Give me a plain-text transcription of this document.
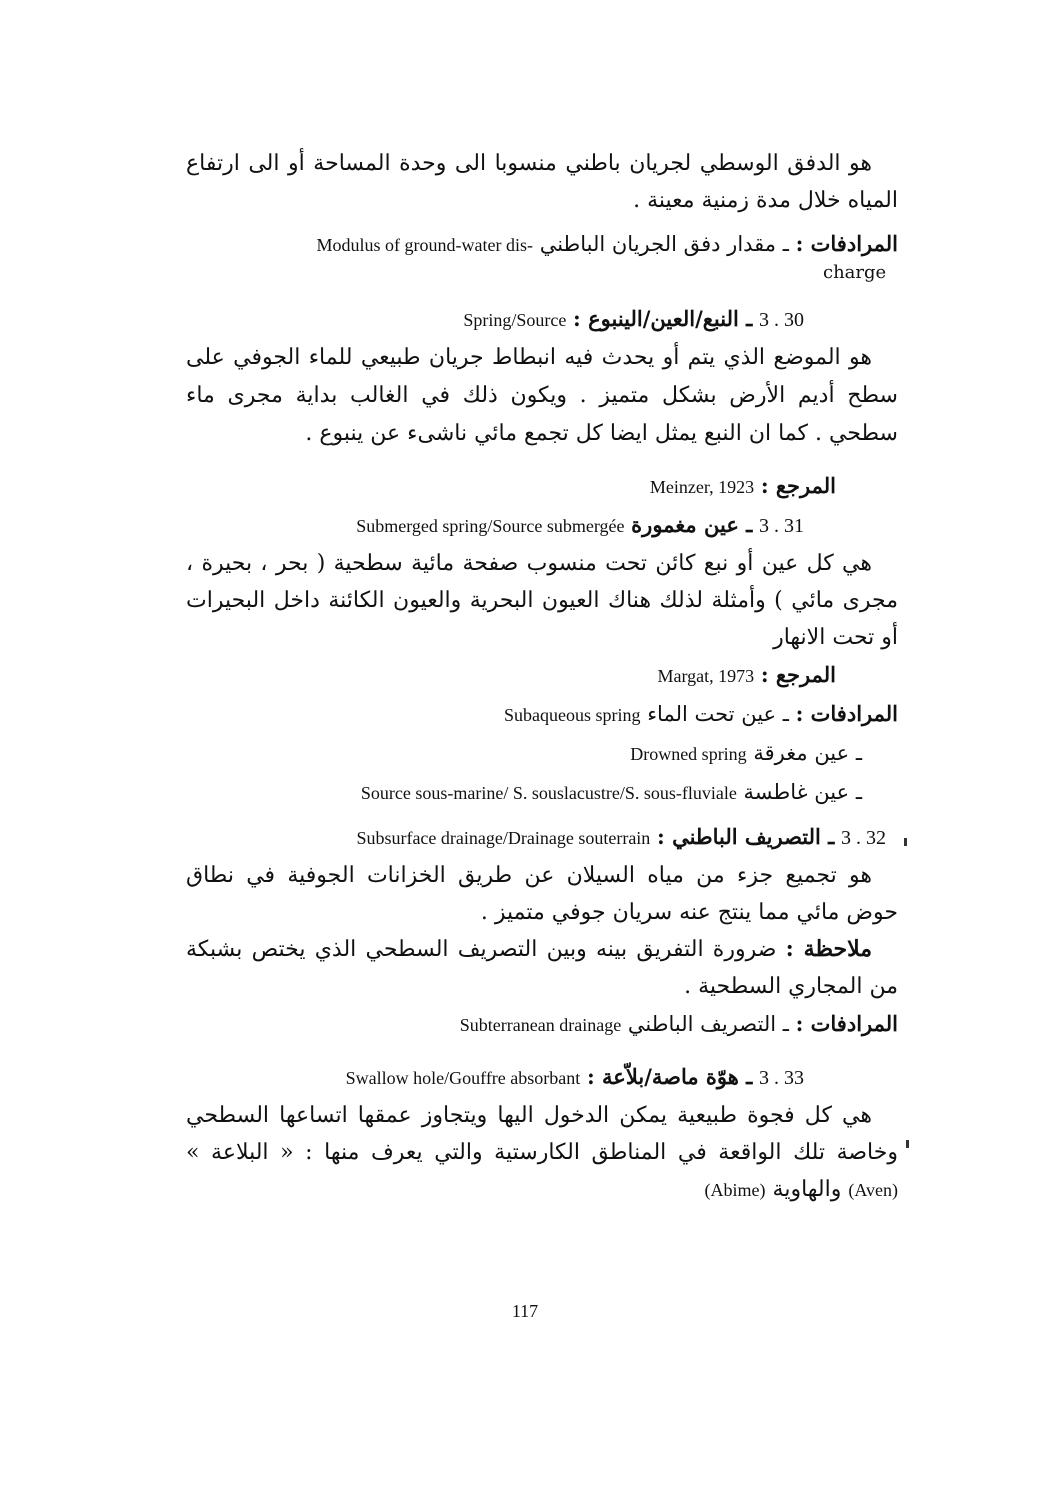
هو الدفق الوسطي لجريان باطني منسوبا الى وحدة المساحة أو الى ارتفاع المياه خلال مدة زمنية معينة .

المرادفات : ـ مقدار دفق الجريان الباطني Modulus of ground-water dis-

charge

3 . 30 ـ النبع/العين/الينبوع : Spring/Source

هو الموضع الذي يتم أو يحدث فيه انبطاط جريان طبيعي للماء الجوفي على سطح أديم الأرض بشكل متميز . ويكون ذلك في الغالب بداية مجرى ماء سطحي . كما ان النبع يمثل ايضا كل تجمع مائي ناشىء عن ينبوع .

المرجع : Meinzer, 1923

3 . 31 ـ عين مغمورة Submerged spring/Source submergée

هي كل عين أو نبع كائن تحت منسوب صفحة مائية سطحية ( بحر ، بحيرة ، مجرى مائي ) وأمثلة لذلك هناك العيون البحرية والعيون الكائنة داخل البحيرات أو تحت الانهار

المرجع : Margat, 1973

المرادفات : ـ عين تحت الماء Subaqueous spring

ـ عين مغرقة Drowned spring

ـ عين غاطسة Source sous-marine/ S. souslacustre/S. sous-fluviale

3 . 32 ـ التصريف الباطني : Subsurface drainage/Drainage souterrain

هو تجميع جزء من مياه السيلان عن طريق الخزانات الجوفية في نطاق حوض مائي مما ينتج عنه سريان جوفي متميز .

ملاحظة : ضرورة التفريق بينه وبين التصريف السطحي الذي يختص بشبكة من المجاري السطحية .

المرادفات : ـ التصريف الباطني Subterranean drainage

3 . 33 ـ هوّة ماصة/بلاّعة : Swallow hole/Gouffre absorbant

هي كل فجوة طبيعية يمكن الدخول اليها ويتجاوز عمقها اتساعها السطحي وخاصة تلك الواقعة في المناطق الكارستية والتي يعرف منها : « البلاعة » (Aven) والهاوية (Abime)

117
